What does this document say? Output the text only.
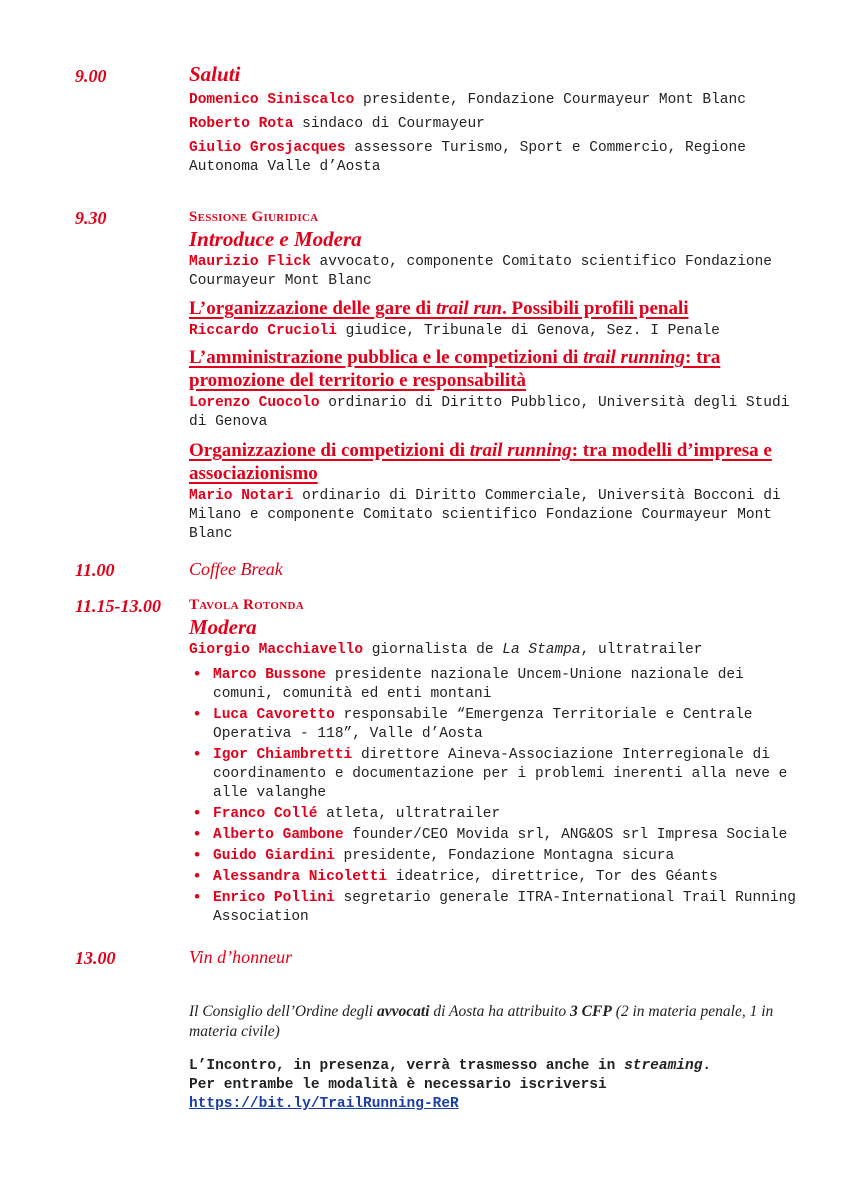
9.00	Saluti

Domenico Siniscalco presidente, Fondazione Courmayeur Mont Blanc

Roberto Rota sindaco di Courmayeur

Giulio Grosjacques assessore Turismo, Sport e Commercio, Regione Autonoma Valle d’Aosta

9.30	Sessione Giuridica
Introduce e Modera

Maurizio Flick avvocato, componente Comitato scientifico Fondazione Courmayeur Mont Blanc

L’organizzazione delle gare di trail run. Possibili profili penali

Riccardo Crucioli giudice, Tribunale di Genova, Sez. I Penale

L’amministrazione pubblica e le competizioni di trail running: tra promozione del territorio e responsabilità

Lorenzo Cuocolo ordinario di Diritto Pubblico, Università degli Studi di Genova

Organizzazione di competizioni di trail running: tra modelli d’impresa e associazionismo

Mario Notari ordinario di Diritto Commerciale, Università Bocconi di Milano e componente Comitato scientifico Fondazione Courmayeur Mont Blanc

11.00	Coffee Break
11.15-13.00 Tavola Rotonda
Modera

Giorgio Macchiavello giornalista de La Stampa, ultratrailer

• Marco Bussone presidente nazionale Uncem-Unione nazionale dei comuni, comunità ed enti montani
• Luca Cavoretto responsabile “Emergenza Territoriale e Centrale Operativa - 118”, Valle d’Aosta
• Igor Chiambretti direttore Aineva-Associazione Interregionale di coordinamento e documentazione per i problemi inerenti alla neve e alle valanghe
• Franco Collé atleta, ultratrailer
• Alberto Gambone founder/CEO Movida srl, ANG&OS srl Impresa Sociale
• Guido Giardini presidente, Fondazione Montagna sicura
• Alessandra Nicoletti ideatrice, direttrice, Tor des Géants
• Enrico Pollini segretario generale ITRA-International Trail Running Association
13.00	Vin d’honneur
Il Consiglio dell’Ordine degli avvocati di Aosta ha attribuito 3 CFP (2 in materia penale, 1 in materia civile)

L’Incontro, in presenza, verrà trasmesso anche in streaming.

Per entrambe le modalità è necessario iscriversi

https://bit.ly/TrailRunning-ReR
